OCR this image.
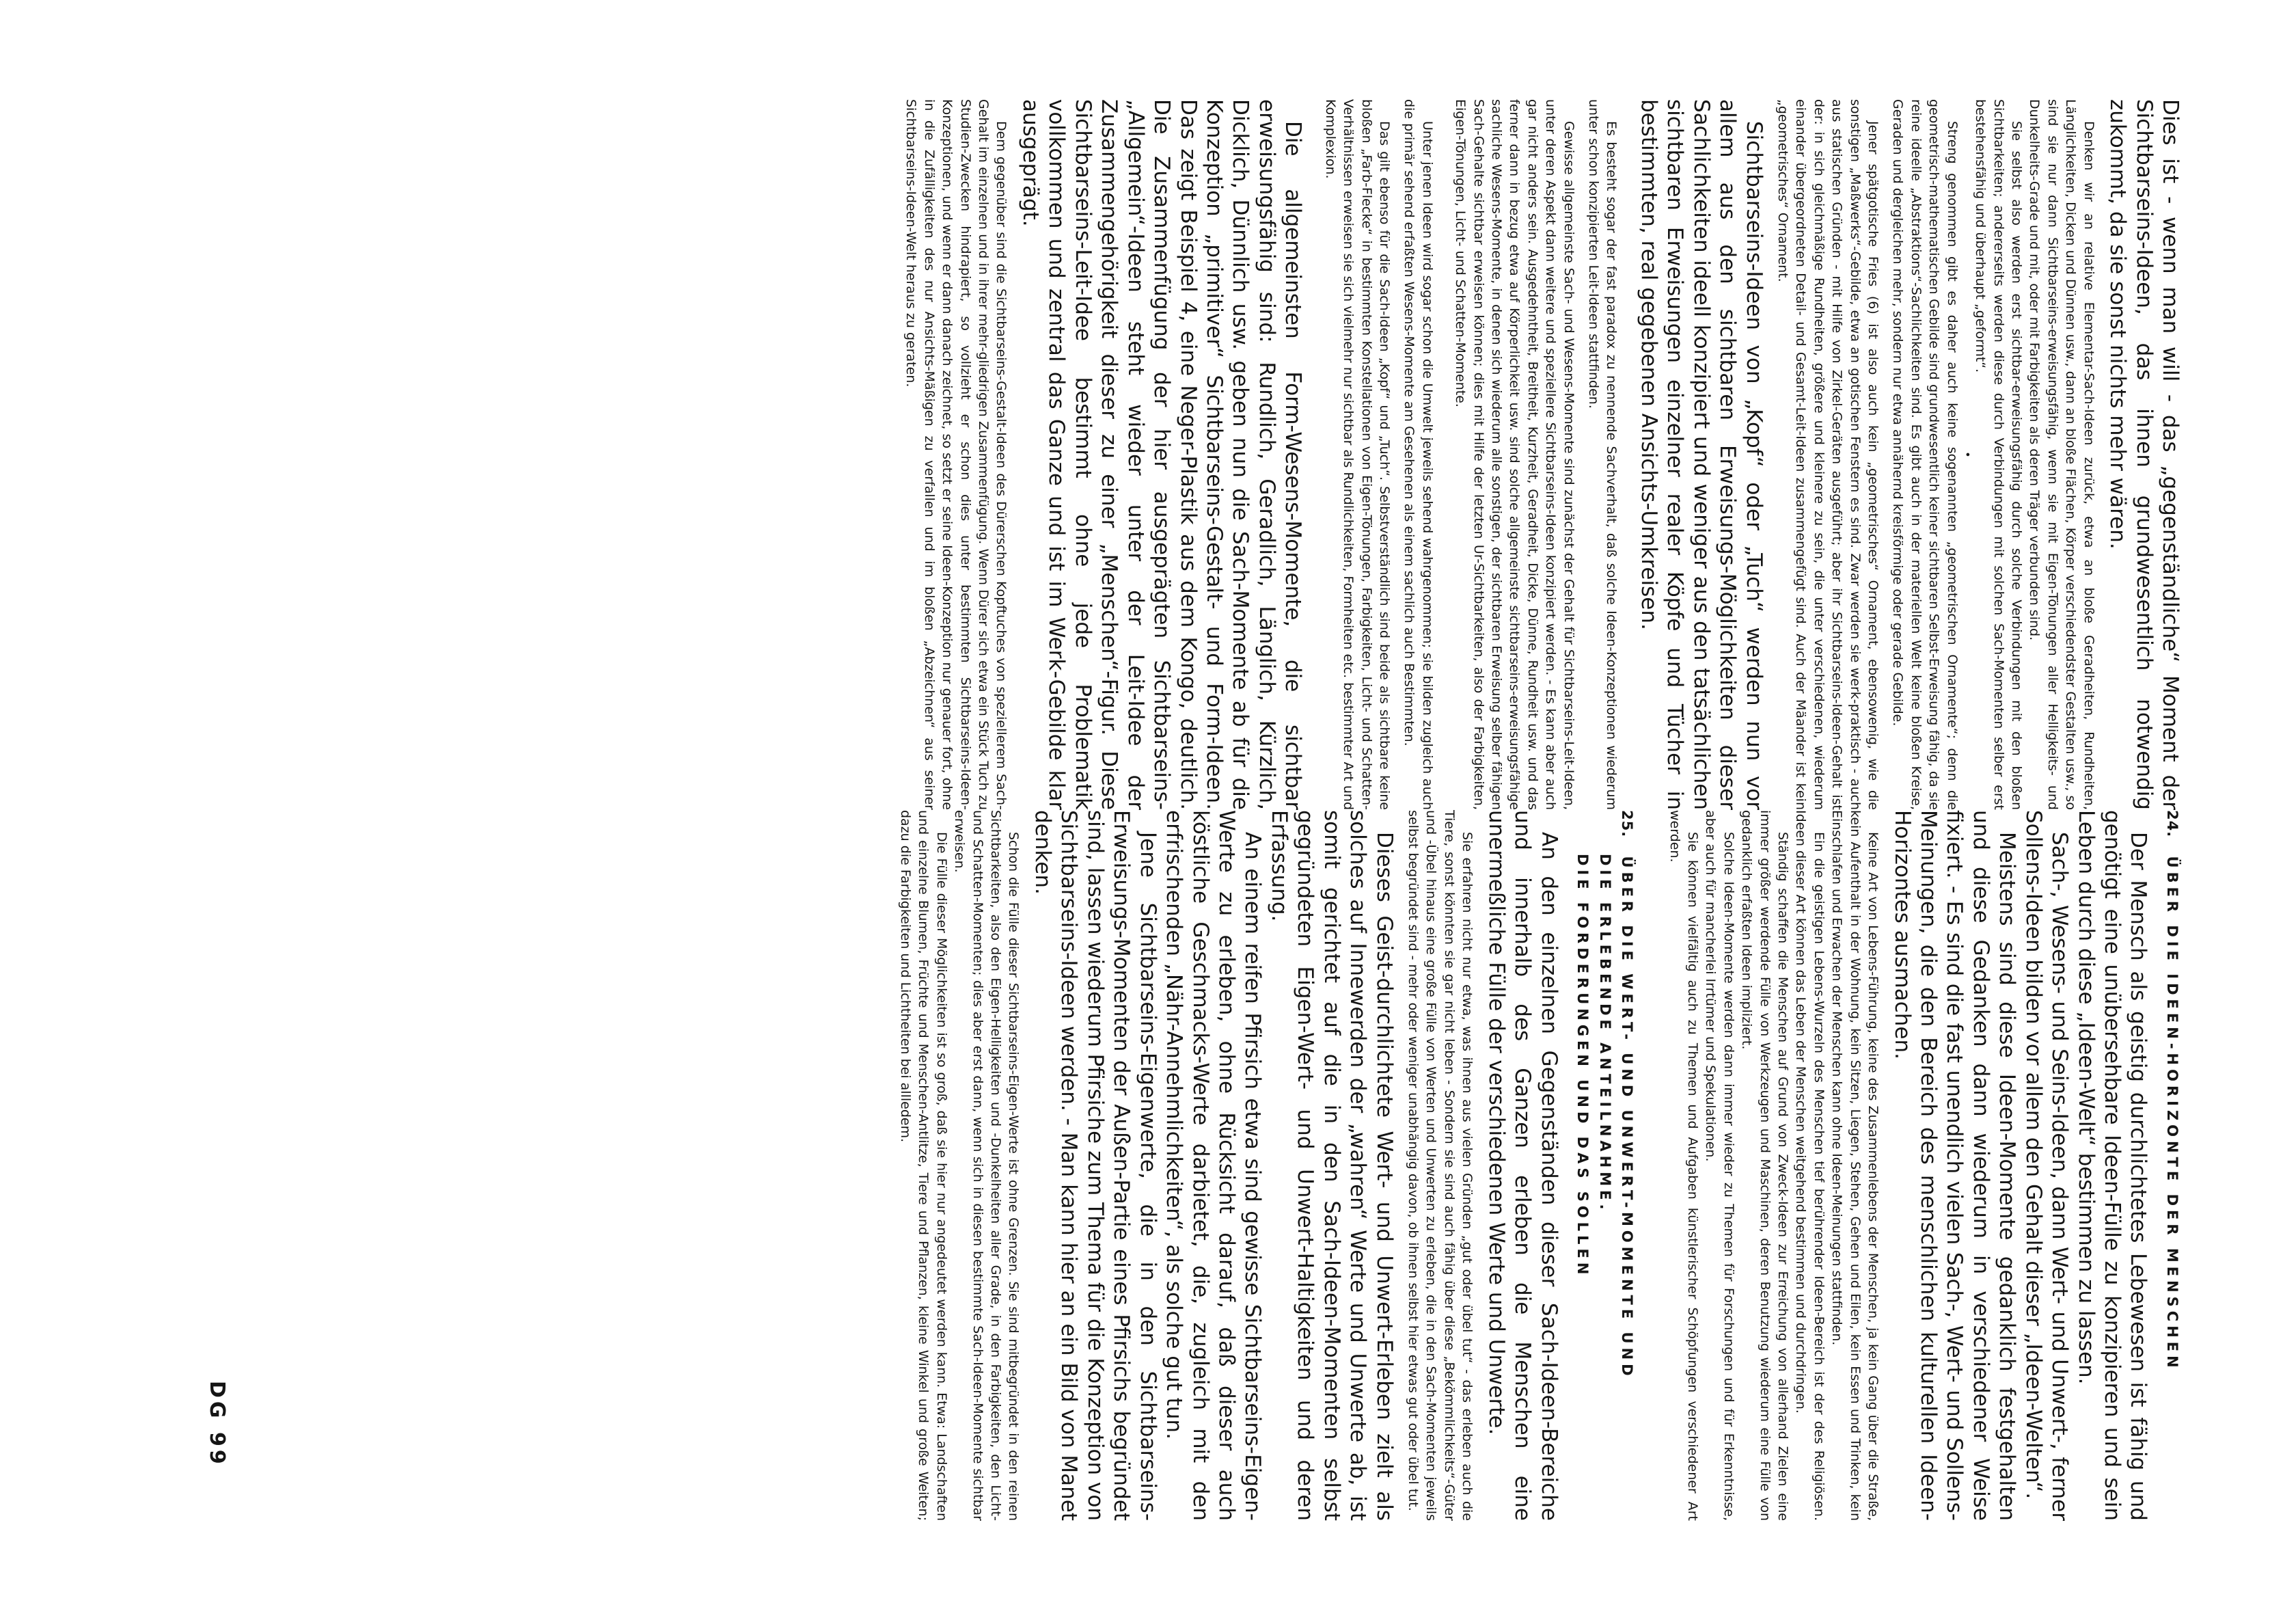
Dies ist - wenn man will - das „gegenständliche“ Moment der Sichtbarseins-Ideen, das ihnen grundwesentlich notwendig zukommt, da sie sonst nichts mehr wären.

Denken wir an relative Elementar-Sach-Ideen zurück, etwa an bloße Geradheiten, Rundheiten, Länglichkeiten, Dicken und Dünnen usw., dann an bloße Flächen, Körper verschiedendster Gestalten usw., so sind sie nur dann Sichtbarseins-erweisungsfähig, wenn sie mit Eigen-Tönungen aller Helligkeits- und Dunkelheits-Grade und mit, oder mit Farbigkeiten als deren Träger verbunden sind.

Sie selbst also werden erst sichtbar-erweisungsfähig durch solche Verbindungen mit den bloßen Sichtbarkeiten; andererseits werden diese durch Verbindungen mit solchen Sach-Momenten selber erst bestehensfähig und überhaupt „geformt“.

•

Streng genommen gibt es daher auch keine sogenannten „geometrischen Ornamente“; denn die geometrisch-mathematischen Gebilde sind grundwesentlich keiner sichtbaren Selbst-Erweisung fähig, da sie reine ideelle „Abstraktions“-Sachlichkeiten sind. Es gibt auch in der materiellen Welt keine bloßen Kreise, Geraden und dergleichen mehr, sondern nur etwa annähernd kreisförmige oder gerade Gebilde.

Jener spätgotische Fries (6) ist also auch kein „geometrisches“ Ornament, ebensowenig, wie die sonstigen „Maßwerks“-Gebilde, etwa an gotischen Fenstern es sind. Zwar werden sie werk-praktisch - auch aus statischen Gründen - mit Hilfe von Zirkel-Geräten ausgeführt; aber ihr Sichtbarseins-Ideen-Gehalt ist der: in sich gleichmäßige Rundheiten, größere und kleinere zu sein, die unter verschiedenen, wiederum einander übergeordneten Detail- und Gesamt-Leit-Ideen zusammengefügt sind. Auch der Mäander ist kein „geometrisches“ Ornament.

Sichtbarseins-Ideen von „Kopf“ oder „Tuch“ werden nun vor allem aus den sichtbaren Erweisungs-Möglichkeiten dieser Sachlichkeiten ideell konzipiert und weniger aus den tatsächlichen sichtbaren Erweisungen einzelner realer Köpfe und Tücher in bestimmten, real gegebenen Ansichts-Umkreisen.

Es besteht sogar der fast paradox zu nennende Sachverhalt, daß solche Ideen-Konzeptionen wiederum unter schon konzipierten Leit-Ideen stattfinden.

Gewisse allgemeinste Sach- und Wesens-Momente sind zunächst der Gehalt für Sichtbarseins-Leit-Ideen, unter deren Aspekt dann weitere und speziellere Sichtbarseins-Ideen konzipiert werden. - Es kann aber auch gar nicht anders sein. Ausgedehntheit, Breitheit, Kurzheit, Geradheit, Dicke, Dünne, Rundheit usw. und das ferner dann in bezug etwa auf Körperlichkeit usw. sind solche allgemeinste sichtbarseins-erweisungsfähige sachliche Wesens-Momente, in denen sich wiederum alle sonstigen, der sichtbaren Erweisung selber fähigen Sach-Gehalte sichtbar erweisen können; dies mit Hilfe der letzten Ur-Sichtbarkeiten, also der Farbigkeiten, Eigen-Tönungen, Licht- und Schatten-Momente.

Unter jenen Ideen wird sogar schon die Umwelt jeweils sehend wahrgenommen; sie bilden zugleich auch die primär sehend erfaßten Wesens-Momente am Gesehenen als einem sachlich auch Bestimmten.

Das gilt ebenso für die Sach-Ideen „Kopf“ und „Tuch“. Selbstverständlich sind beide als sichtbare keine bloßen „Farb-Flecke“ in bestimmten Konstellationen von Eigen-Tönungen, Farbigkeiten, Licht- und Schatten-Verhältnissen erweisen sie sich vielmehr nur sichtbar als Rundlichkeiten, Formheiten etc. bestimmter Art und Komplexion.

Die allgemeinsten Form-Wesens-Momente, die sichtbar erweisungsfähig sind: Rundlich, Geradlich, Länglich, Kürzlich, Dicklich, Dünnlich usw. geben nun die Sach-Momente ab für die Konzeption „primitiver“ Sichtbarseins-Gestalt- und Form-Ideen. Das zeigt Beispiel 4, eine Neger-Plastik aus dem Kongo, deutlich. Die Zusammenfügung der hier ausgeprägten Sichtbarseins-„Allgemein“-Ideen steht wieder unter der Leit-Idee der Zusammengehörigkeit dieser zu einer „Menschen“-Figur. Diese Sichtbarseins-Leit-Idee bestimmt ohne jede Problematik vollkommen und zentral das Ganze und ist im Werk-Gebilde klar ausgeprägt.

Dem gegenüber sind die Sichtbarseins-Gestalt-Ideen des Dürerschen Kopftuches von speziellerem Sach-Gehalt im einzelnen und in ihrer mehr-gliedrigen Zusammenfügung. Wenn Dürer sich etwa ein Stück Tuch zu Studien-Zwecken hindrapiert, so vollzieht er schon dies unter bestimmten Sichtbarseins-Ideen-Konzeptionen, und wenn er dann danach zeichnet, so setzt er seine Ideen-Konzeption nur genauer fort, ohne in die Zufälligkeiten des nur Ansichts-Mäßigen zu verfallen und im bloßen „Abzeichnen“ aus seiner Sichtbarseins-Ideen-Welt heraus zu geraten.

24. ÜBER DIE IDEEN-HORIZONTE DER MENSCHEN

Der Mensch als geistig durchlichtetes Lebewesen ist fähig und genötigt eine unübersehbare Ideen-Fülle zu konzipieren und sein Leben durch diese „Ideen-Welt“ bestimmen zu lassen.

Sach-, Wesens- und Seins-Ideen, dann Wert- und Unwert-, ferner Sollens-Ideen bilden vor allem den Gehalt dieser „Ideen-Welten“.

Meistens sind diese Ideen-Momente gedanklich festgehalten und diese Gedanken dann wiederum in verschiedener Weise fixiert. - Es sind die fast unendlich vielen Sach-, Wert- und Sollens-Meinungen, die den Bereich des menschlichen kulturellen Ideen-Horizontes ausmachen.

Keine Art von Lebens-Führung, keine des Zusammenlebens der Menschen, ja kein Gang über die Straße, kein Aufenthalt in der Wohnung, kein Sitzen, Liegen, Stehen, Gehen und Eilen, kein Essen und Trinken, kein Einschlafen und Erwachen der Menschen kann ohne Ideen-Meinungen stattfinden.

Ein die geistigen Lebens-Wurzeln des Menschen tief berührender Ideen-Bereich ist der des Religiösen. Ideen dieser Art können das Leben der Menschen weitgehend bestimmen und durchdringen.

Ständig schaffen die Menschen auf Grund von Zweck-Ideen zur Erreichung von allerhand Zielen eine immer größer werdende Fülle von Werkzeugen und Maschinen, deren Benutzung wiederum eine Fülle von gedanklich erfaßten Ideen impliziert.

Solche Ideen-Momente werden dann immer wieder zu Themen für Forschungen und für Erkenntnisse, aber auch für mancherlei Irrtümer und Spekulationen.

Sie können vielfältig auch zu Themen und Aufgaben künstlerischer Schöpfungen verschiedener Art werden.

25. ÜBER DIE WERT- UND UNWERT-MOMENTE UND
DIE ERLEBENDE ANTEILNAHME.
DIE FORDERUNGEN UND DAS SOLLEN

An den einzelnen Gegenständen dieser Sach-Ideen-Bereiche und innerhalb des Ganzen erleben die Menschen eine unermeßliche Fülle der verschiedenen Werte und Unwerte.

Sie erfahren nicht nur etwa, was ihnen aus vielen Gründen „gut oder übel tut“ - das erleben auch die Tiere, sonst könnten sie gar nicht leben - Sondern sie sind auch fähig über diese „Bekömmlichkeits“-Güter und -Übel hinaus eine große Fülle von Werten und Unwerten zu erleben, die in den Sach-Momenten jeweils selbst begründet sind - mehr oder weniger unabhängig davon, ob ihnen selbst hier etwas gut oder übel tut.

Dieses Geist-durchlichtete Wert- und Unwert-Erleben zielt als solches auf Innewerden der „wahren“ Werte und Unwerte ab, ist somit gerichtet auf die in den Sach-Ideen-Momenten selbst gegründeten Eigen-Wert- und Unwert-Haltigkeiten und deren Erfassung.

An einem reifen Pfirsich etwa sind gewisse Sichtbarseins-Eigen-Werte zu erleben, ohne Rücksicht darauf, daß dieser auch köstliche Geschmacks-Werte darbietet, die, zugleich mit den erfrischenden „Nähr-Annehmlichkeiten“, als solche gut tun.

Jene Sichtbarseins-Eigenwerte, die in den Sichtbarseins-Erweisungs-Momenten der Außen-Partie eines Pfirsichs begründet sind, lassen wiederum Pfirsiche zum Thema für die Konzeption von Sichtbarseins-Ideen werden. - Man kann hier an ein Bild von Manet denken.

Schon die Fülle dieser Sichtbarseins-Eigen-Werte ist ohne Grenzen. Sie sind mitbegründet in den reinen Sichtbarkeiten, also den Eigen-Helligkeiten und -Dunkelheiten aller Grade, in den Farbigkeiten, den Licht- und Schatten-Momenten; dies aber erst dann, wenn sich in diesen bestimmte Sach-Ideen-Momente sichtbar erweisen.

Die Fülle dieser Möglichkeiten ist so groß, daß sie hier nur angedeutet werden kann. Etwa: Landschaften und einzelne Blumen, Früchte und Menschen-Antlitze, Tiere und Pflanzen, kleine Winkel und große Weiten; dazu die Farbigkeiten und Lichtheiten bei allledem.

DG 99
